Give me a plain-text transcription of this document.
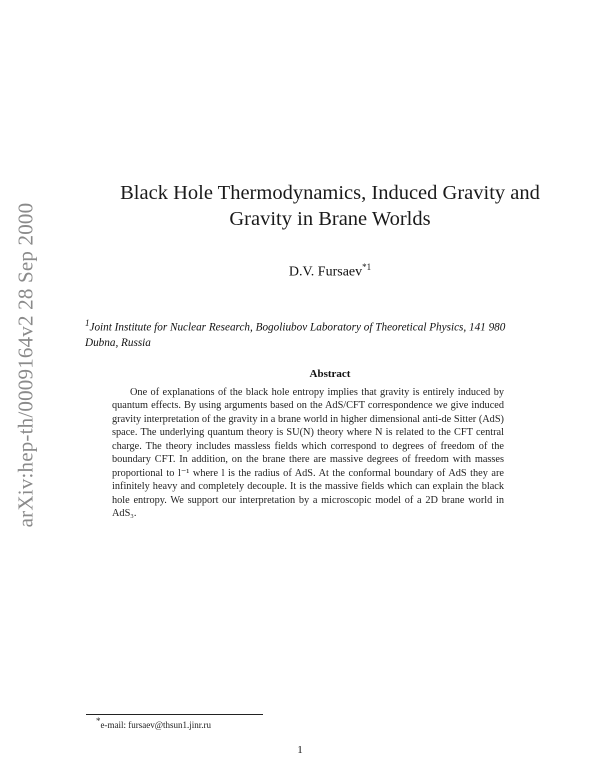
arXiv:hep-th/0009164v2 28 Sep 2000
Black Hole Thermodynamics, Induced Gravity and
Gravity in Brane Worlds
D.V. Fursaev$^{*1}$
$^1$Joint Institute for Nuclear Research, Bogoliubov Laboratory of Theoretical Physics, 141 980 Dubna, Russia
Abstract
One of explanations of the black hole entropy implies that gravity is entirely induced by quantum effects. By using arguments based on the AdS/CFT correspondence we give induced gravity interpretation of the gravity in a brane world in higher dimensional anti-de Sitter (AdS) space. The underlying quantum theory is SU(N) theory where N is related to the CFT central charge. The theory includes massless fields which correspond to degrees of freedom of the boundary CFT. In addition, on the brane there are massive degrees of freedom with masses proportional to l⁻¹ where l is the radius of AdS. At the conformal boundary of AdS they are infinitely heavy and completely decouple. It is the massive fields which can explain the black hole entropy. We support our interpretation by a microscopic model of a 2D brane world in AdS₃.
*e-mail: fursaev@thsun1.jinr.ru
1
